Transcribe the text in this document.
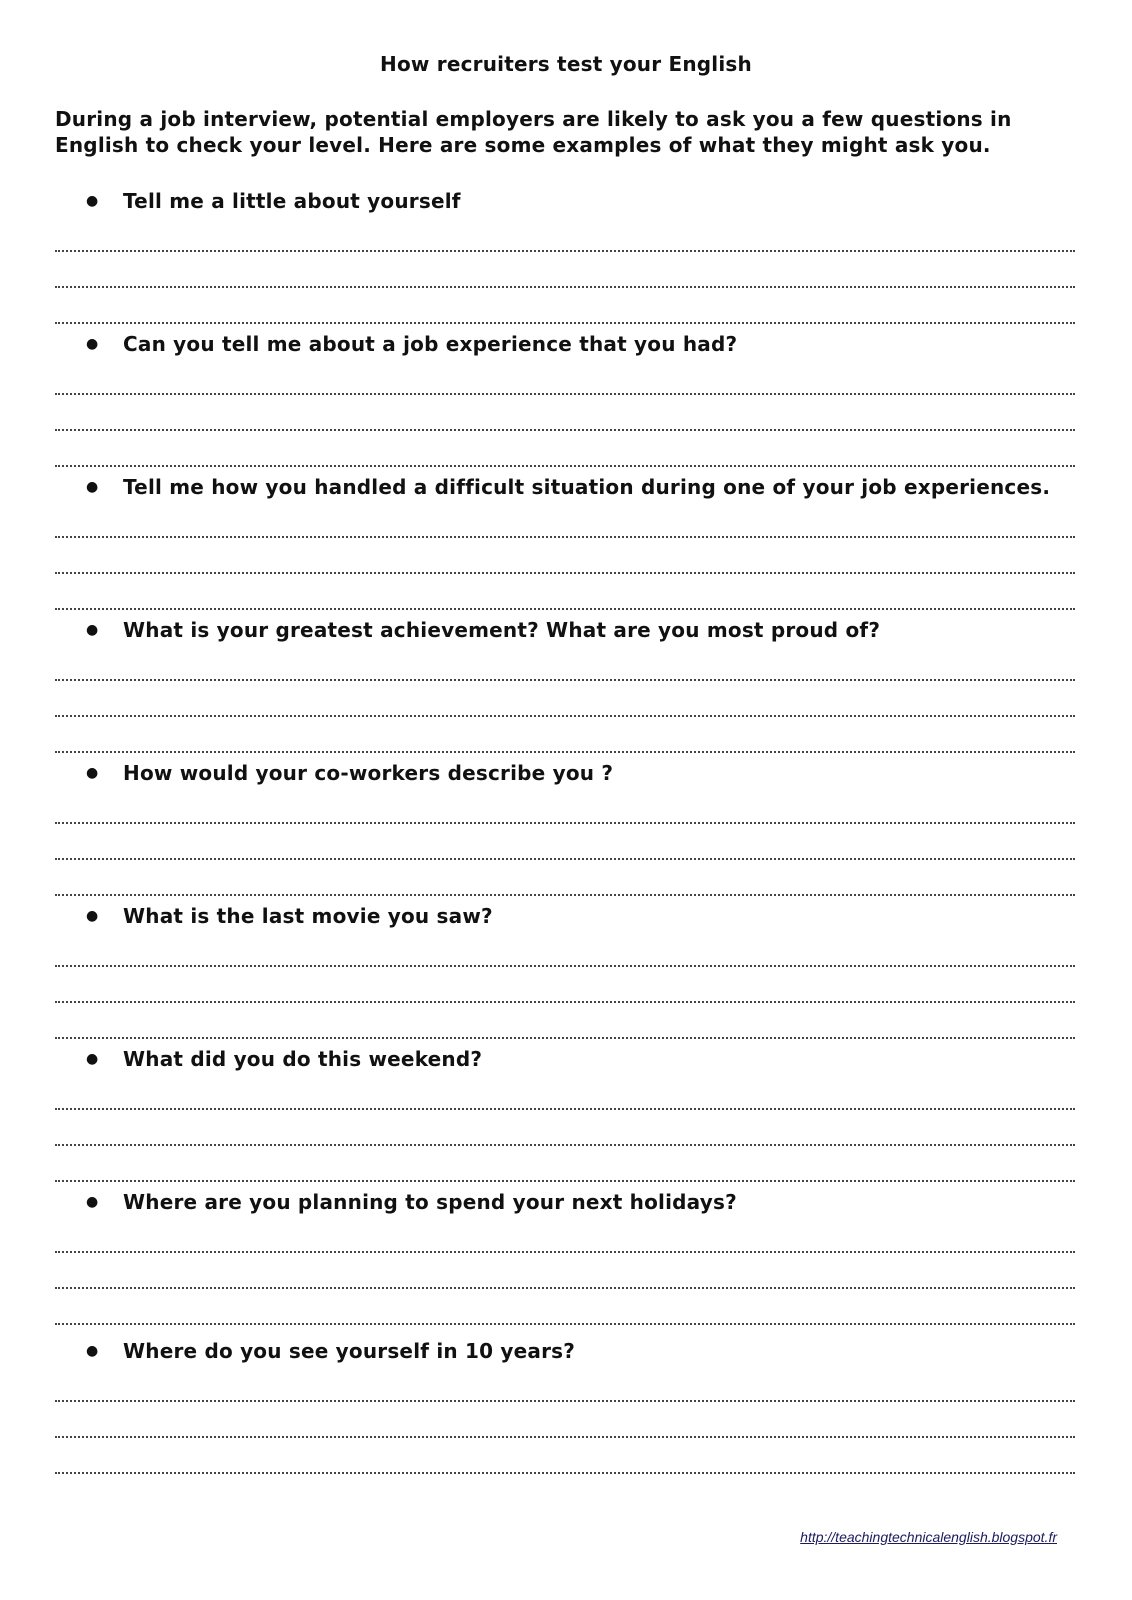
How recruiters test your English
During a job interview, potential employers are likely to ask you a few questions in English to check your level. Here are some examples of what they might ask you.
● Tell me a little about yourself
● Can you tell me about a job experience that you had?
● Tell me how you handled a difficult situation during one of your job experiences.
● What is your greatest achievement? What are you most proud of?
● How would your co-workers describe you ?
● What is the last movie you saw?
● What did you do this weekend?
● Where are you planning to spend your next holidays?
● Where do you see yourself in 10 years?
http://teachingtechnicalenglish.blogspot.fr
